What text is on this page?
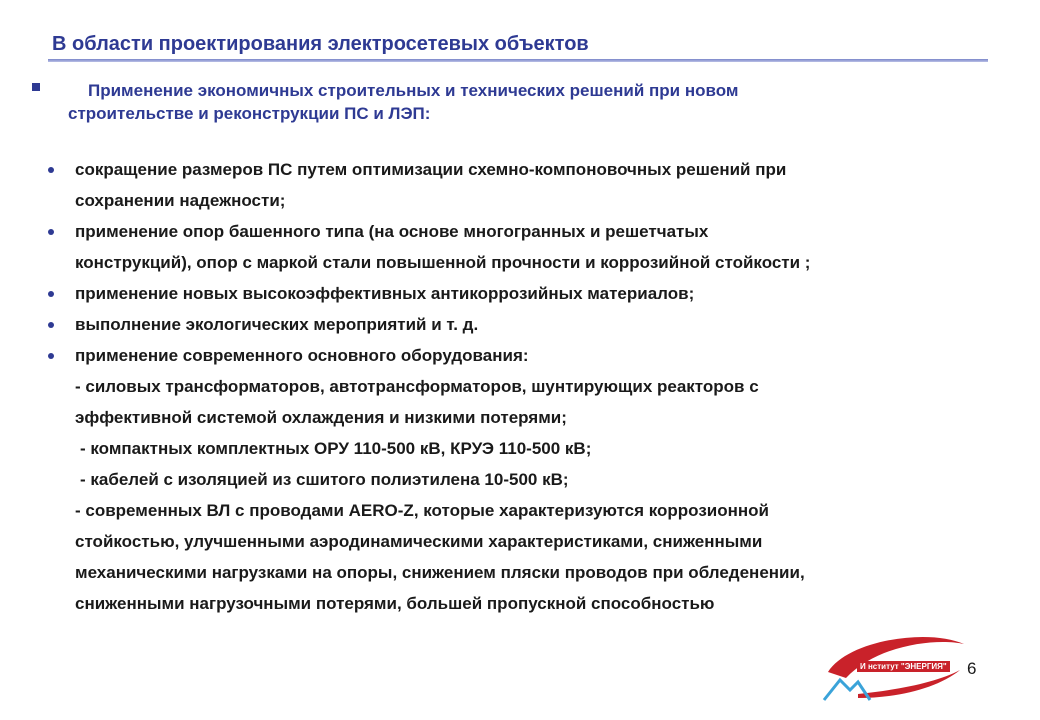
В области проектирования электросетевых объектов
Применение экономичных строительных и технических решений при новом
строительстве и реконструкции ПС и ЛЭП:
сокращение размеров ПС путем оптимизации схемно-компоновочных решений при
сохранении надежности;
применение опор башенного типа (на основе многогранных и решетчатых
конструкций), опор с маркой стали повышенной прочности и коррозийной стойкости ;
применение новых высокоэффективных антикоррозийных материалов;
выполнение экологических мероприятий и т. д.
применение современного основного оборудования:
- силовых трансформаторов, автотрансформаторов, шунтирующих реакторов с
эффективной системой охлаждения и низкими потерями;
- компактных комплектных ОРУ 110-500 кВ, КРУЭ 110-500 кВ;
- кабелей с изоляцией из сшитого полиэтилена 10-500 кВ;
- современных ВЛ с проводами AERO-Z, которые характеризуются коррозионной
стойкостью, улучшенными аэродинамическими характеристиками, сниженными
механическими нагрузками на опоры, снижением пляски проводов при обледенении,
сниженными нагрузочными потерями, большей пропускной способностью
И нститут "ЭНЕРГИЯ" 6
